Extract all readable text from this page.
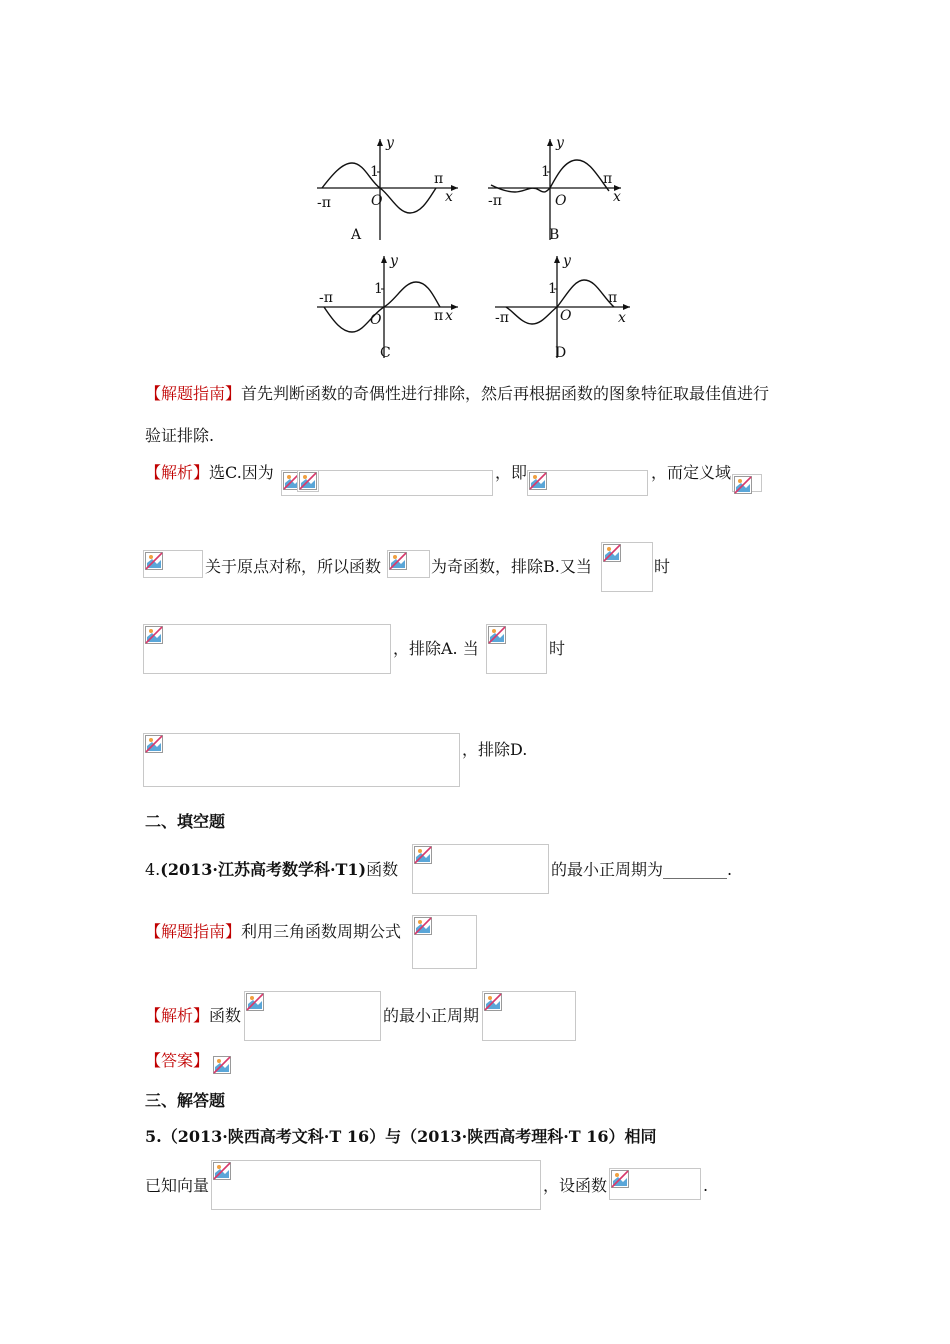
y
1
-π	O
π
x
A
y
1
-π	O
π
x
B
y
1
-π
O	π x
C
y
1
-π	O
π
x
D
【解题指南】首先判断函数的奇偶性进行排除，然后再根据函数的图象特征取最佳值进行
验证排除.
【解析】选C.因为	，即	，而定义域
关于原点对称，所以函数	为奇函数，排除B.又当	时
，排除A. 当	时
，排除D.
二、填空题
4.(2013·江苏高考数学科·T1)函数	的最小正周期为________.
【解题指南】利用三角函数周期公式
【解析】函数	的最小正周期
【答案】
三、解答题
5.（2013·陕西高考文科·T 16）与（2013·陕西高考理科·T 16）相同
已知向量	，设函数	.
